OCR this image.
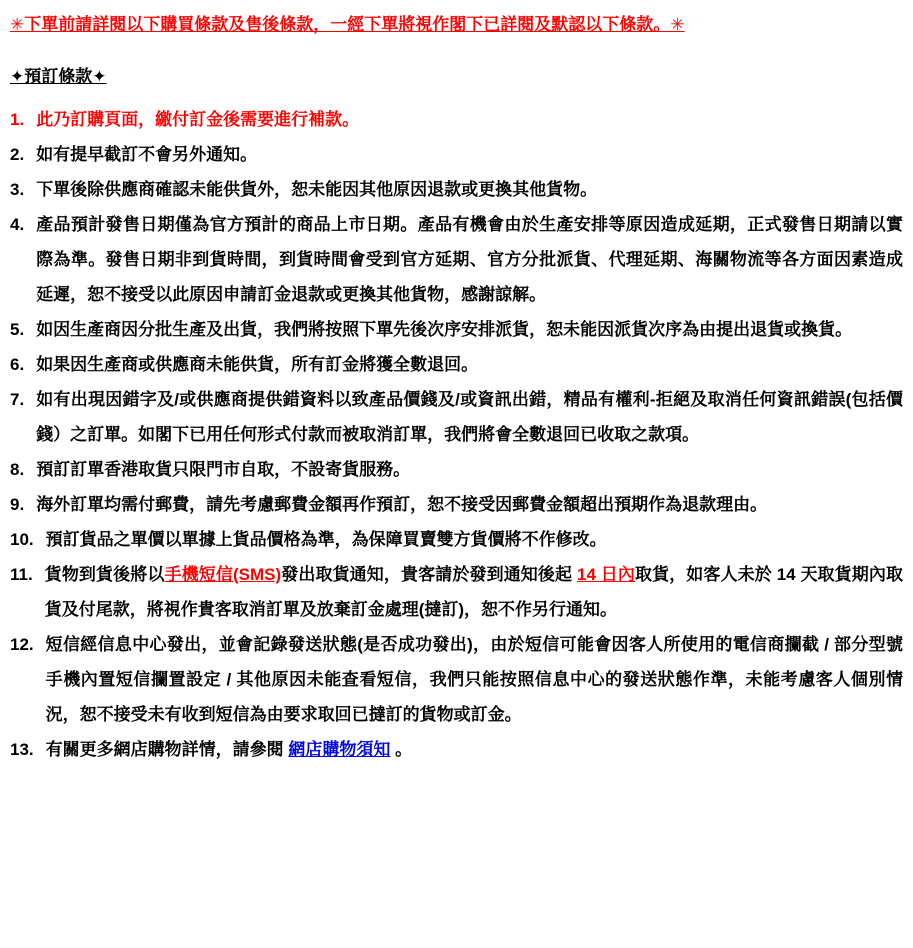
✳下單前請詳閱以下購買條款及售後條款，一經下單將視作閣下已詳閱及默認以下條款。✳
✦預訂條款✦
1. 此乃訂購頁面，繳付訂金後需要進行補款。
2. 如有提早截訂不會另外通知。
3. 下單後除供應商確認未能供貨外，恕未能因其他原因退款或更換其他貨物。
4. 產品預計發售日期僅為官方預計的商品上市日期。產品有機會由於生產安排等原因造成延期，正式發售日期請以實際為準。發售日期非到貨時間，到貨時間會受到官方延期、官方分批派貨、代理延期、海關物流等各方面因素造成延遲，恕不接受以此原因申請訂金退款或更換其他貨物，感謝諒解。
5. 如因生產商因分批生產及出貨，我們將按照下單先後次序安排派貨，恕未能因派貨次序為由提出退貨或換貨。
6. 如果因生產商或供應商未能供貨，所有訂金將獲全數退回。
7. 如有出現因錯字及/或供應商提供錯資料以致產品價錢及/或資訊出錯，精品有權利-拒絕及取消任何資訊錯誤(包括價錢）之訂單。如閣下已用任何形式付款而被取消訂單，我們將會全數退回已收取之款項。
8. 預訂訂單香港取貨只限門市自取，不設寄貨服務。
9. 海外訂單均需付郵費，請先考慮郵費金額再作預訂，恕不接受因郵費金額超出預期作為退款理由。
10. 預訂貨品之單價以單據上貨品價格為準，為保障買賣雙方貨價將不作修改。
11. 貨物到貨後將以手機短信(SMS)發出取貨通知，貴客請於發到通知後起 14 日內取貨，如客人未於 14 天取貨期內取貨及付尾款，將視作貴客取消訂單及放棄訂金處理(撻訂)，恕不作另行通知。
12. 短信經信息中心發出，並會記錄發送狀態(是否成功發出)，由於短信可能會因客人所使用的電信商攔截 / 部分型號手機內置短信攔置設定 / 其他原因未能查看短信，我們只能按照信息中心的發送狀態作準，未能考慮客人個別情況，恕不接受未有收到短信為由要求取回已撻訂的貨物或訂金。
13. 有關更多網店購物詳情，請參閱 網店購物須知 。
